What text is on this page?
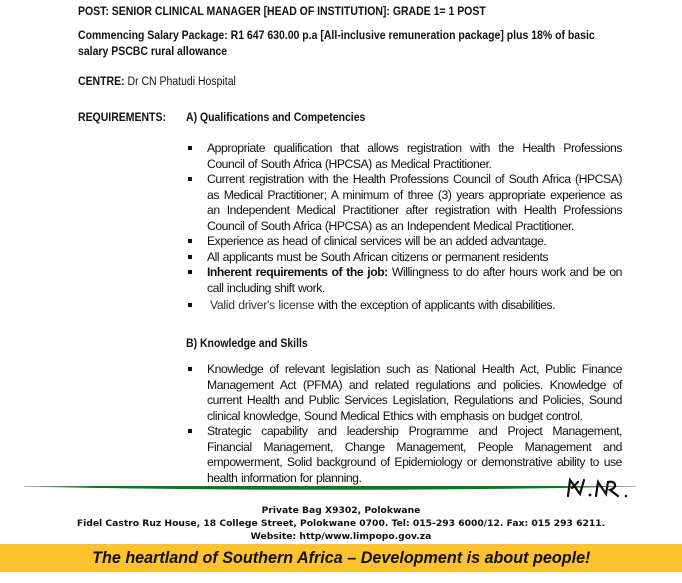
POST: SENIOR CLINICAL MANAGER [HEAD OF INSTITUTION]: GRADE 1= 1 POST
Commencing Salary Package: R1 647 630.00 p.a [All-inclusive remuneration package] plus 18% of basic salary PSCBC rural allowance
CENTRE: Dr CN Phatudi Hospital
REQUIREMENTS: A) Qualifications and Competencies
Appropriate qualification that allows registration with the Health Professions Council of South Africa (HPCSA) as Medical Practitioner.
Current registration with the Health Professions Council of South Africa (HPCSA) as Medical Practitioner; A minimum of three (3) years appropriate experience as an Independent Medical Practitioner after registration with Health Professions Council of South Africa (HPCSA) as an Independent Medical Practitioner.
Experience as head of clinical services will be an added advantage.
All applicants must be South African citizens or permanent residents
Inherent requirements of the job: Willingness to do after hours work and be on call including shift work.
Valid driver's license with the exception of applicants with disabilities.
B) Knowledge and Skills
Knowledge of relevant legislation such as National Health Act, Public Finance Management Act (PFMA) and related regulations and policies. Knowledge of current Health and Public Services Legislation, Regulations and Policies, Sound clinical knowledge, Sound Medical Ethics with emphasis on budget control.
Strategic capability and leadership Programme and Project Management, Financial Management, Change Management, People Management and empowerment, Solid background of Epidemiology or demonstrative ability to use health information for planning.
Private Bag X9302, Polokwane
Fidel Castro Ruz House, 18 College Street, Polokwane 0700. Tel: 015-293 6000/12. Fax: 015 293 6211.
Website: http/www.limpopo.gov.za
The heartland of Southern Africa – Development is about people!
